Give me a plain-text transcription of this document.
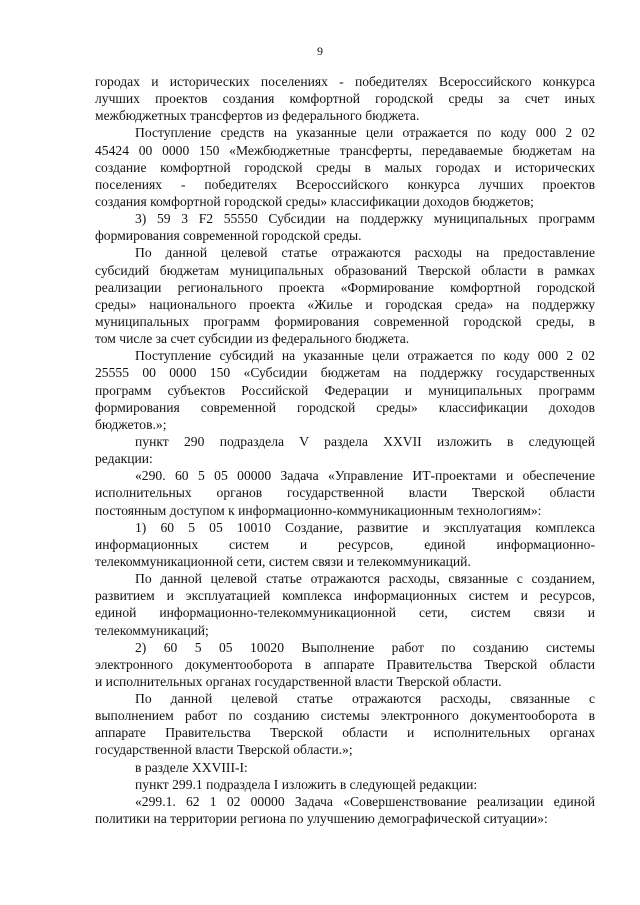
9
городах и исторических поселениях - победителях Всероссийского конкурса
лучших проектов создания комфортной городской среды за счет иных
межбюджетных трансфертов из федерального бюджета.
Поступление средств на указанные цели отражается по коду 000 2 02
45424 00 0000 150 «Межбюджетные трансферты, передаваемые бюджетам на
создание комфортной городской среды в малых городах и исторических
поселениях - победителях Всероссийского конкурса лучших проектов
создания комфортной городской среды» классификации доходов бюджетов;
3) 59 3 F2 55550 Субсидии на поддержку муниципальных программ
формирования современной городской среды.
По данной целевой статье отражаются расходы на предоставление
субсидий бюджетам муниципальных образований Тверской области в рамках
реализации регионального проекта «Формирование комфортной городской
среды» национального проекта «Жилье и городская среда» на поддержку
муниципальных программ формирования современной городской среды, в
том числе за счет субсидии из федерального бюджета.
Поступление субсидий на указанные цели отражается по коду 000 2 02
25555 00 0000 150 «Субсидии бюджетам на поддержку государственных
программ субъектов Российской Федерации и муниципальных программ
формирования современной городской среды» классификации доходов
бюджетов.»;
пункт 290 подраздела V раздела XXVII изложить в следующей
редакции:
«290. 60 5 05 00000 Задача «Управление ИТ-проектами и обеспечение
исполнительных органов государственной власти Тверской области
постоянным доступом к информационно-коммуникационным технологиям»:
1) 60 5 05 10010 Создание, развитие и эксплуатация комплекса
информационных систем и ресурсов, единой информационно-
телекоммуникационной сети, систем связи и телекоммуникаций.
По данной целевой статье отражаются расходы, связанные с созданием,
развитием и эксплуатацией комплекса информационных систем и ресурсов,
единой информационно-телекоммуникационной сети, систем связи и
телекоммуникаций;
2) 60 5 05 10020 Выполнение работ по созданию системы
электронного документооборота в аппарате Правительства Тверской области
и исполнительных органах государственной власти Тверской области.
По данной целевой статье отражаются расходы, связанные с
выполнением работ по созданию системы электронного документооборота в
аппарате Правительства Тверской области и исполнительных органах
государственной власти Тверской области.»;
в разделе XXVIII-I:
пункт 299.1 подраздела I изложить в следующей редакции:
«299.1. 62 1 02 00000 Задача «Совершенствование реализации единой
политики на территории региона по улучшению демографической ситуации»:
